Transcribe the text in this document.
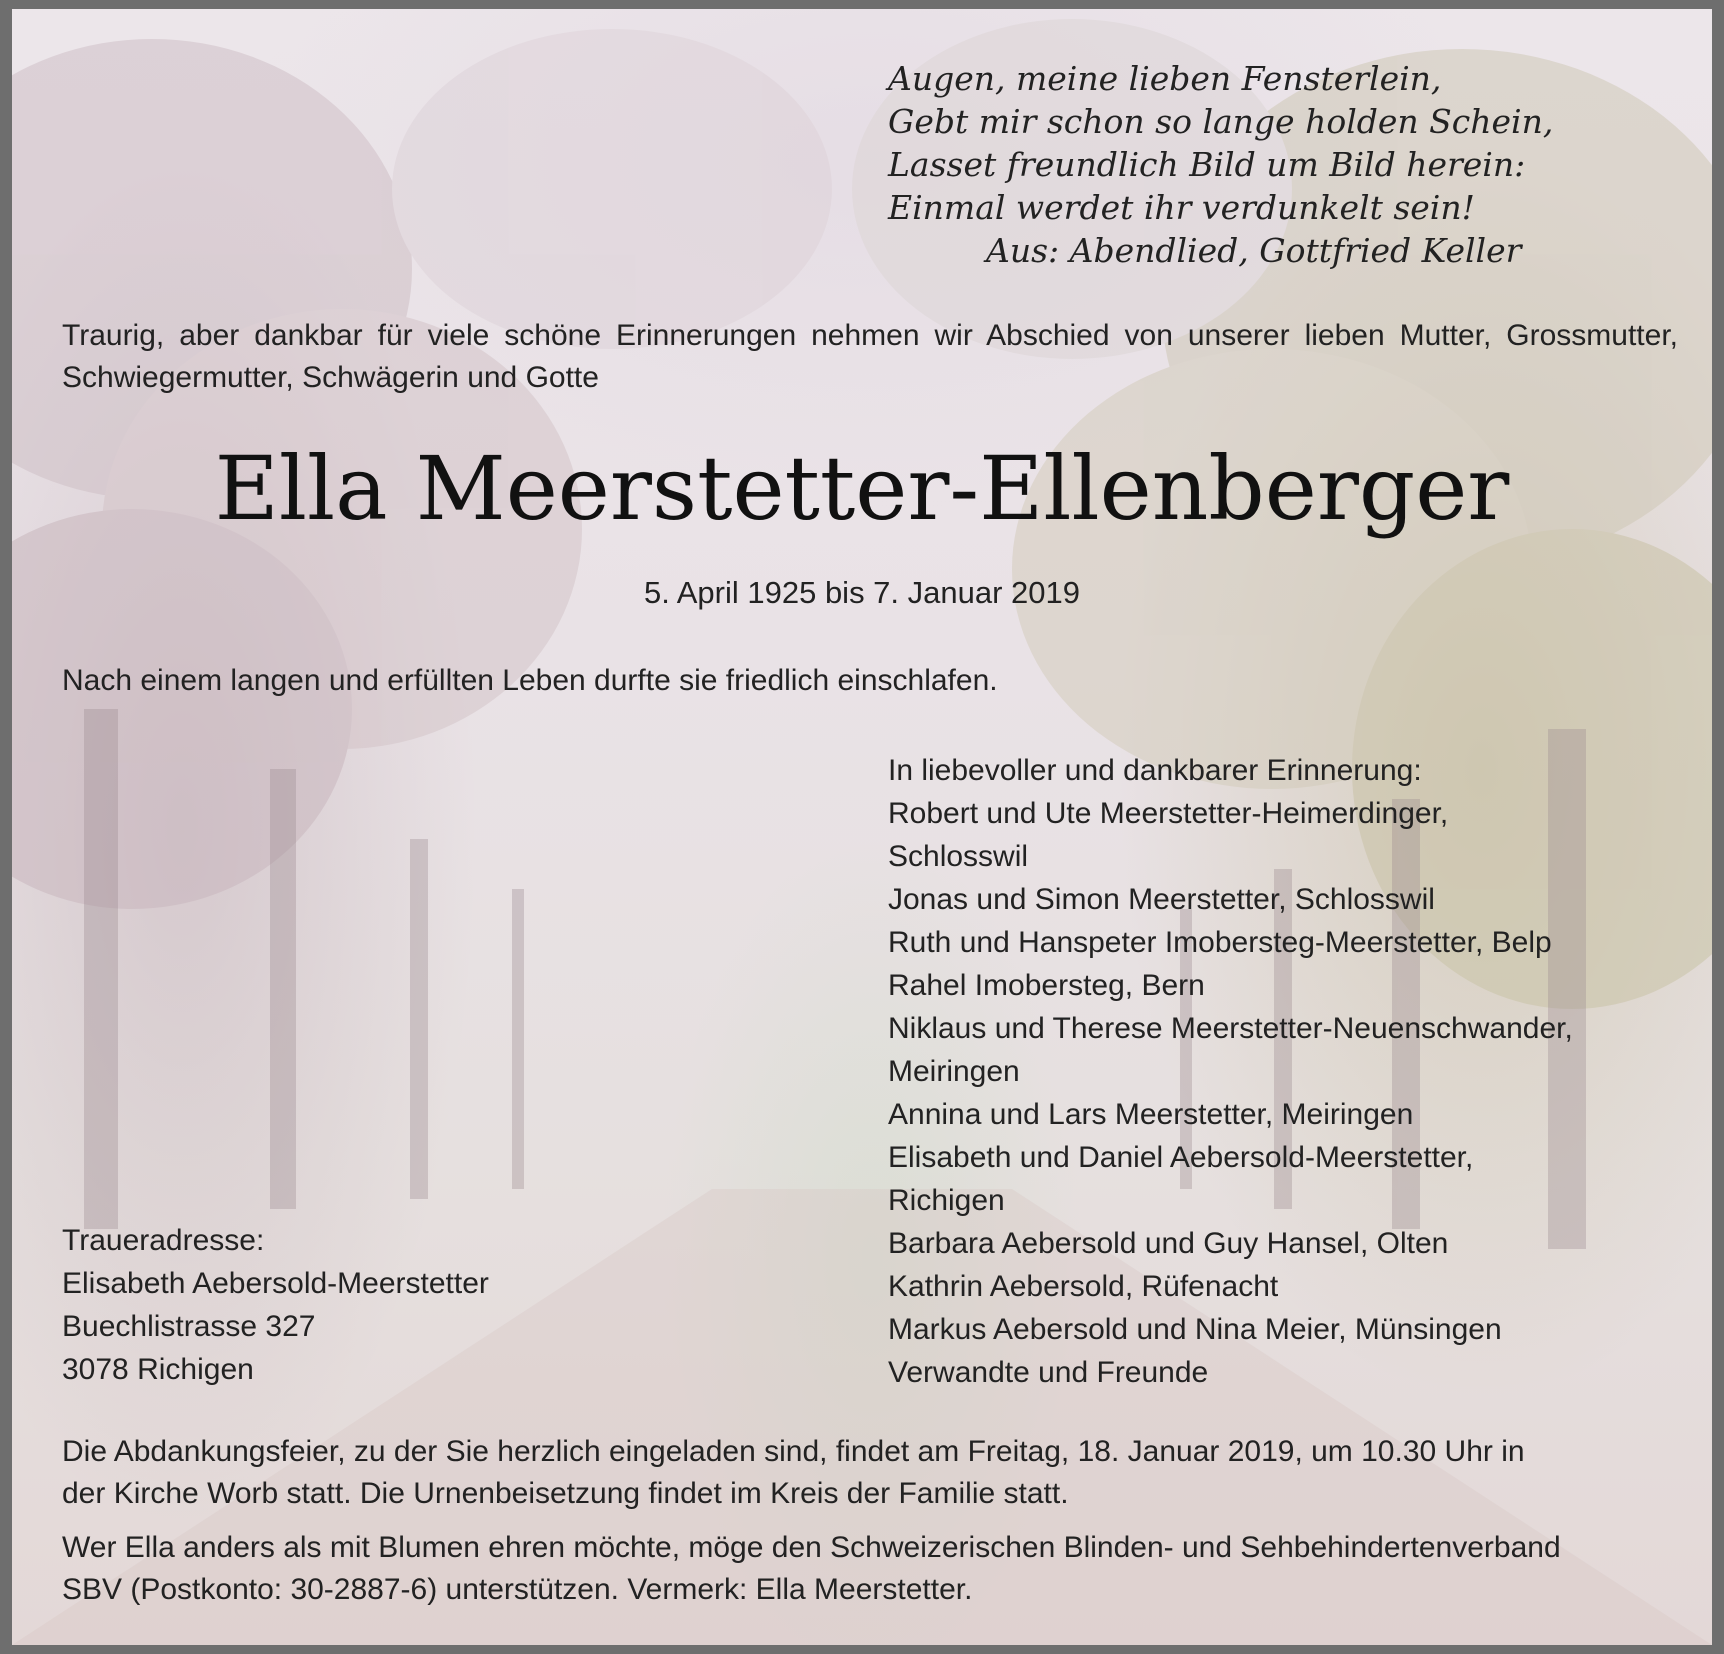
Augen, meine lieben Fensterlein,
Gebt mir schon so lange holden Schein,
Lasset freundlich Bild um Bild herein:
Einmal werdet ihr verdunkelt sein!
Aus: Abendlied, Gottfried Keller
Traurig, aber dankbar für viele schöne Erinnerungen nehmen wir Abschied von unserer lieben Mutter, Grossmutter, Schwiegermutter, Schwägerin und Gotte
Ella Meerstetter-Ellenberger
5. April 1925 bis 7. Januar 2019
Nach einem langen und erfüllten Leben durfte sie friedlich einschlafen.
In liebevoller und dankbarer Erinnerung:
Robert und Ute Meerstetter-Heimerdinger,
Schlosswil
Jonas und Simon Meerstetter, Schlosswil
Ruth und Hanspeter Imobersteg-Meerstetter, Belp
Rahel Imobersteg, Bern
Niklaus und Therese Meerstetter-Neuenschwander,
Meiringen
Annina und Lars Meerstetter, Meiringen
Elisabeth und Daniel Aebersold-Meerstetter,
Richigen
Barbara Aebersold und Guy Hansel, Olten
Kathrin Aebersold, Rüfenacht
Markus Aebersold und Nina Meier, Münsingen
Verwandte und Freunde
Traueradresse:
Elisabeth Aebersold-Meerstetter
Buechlistrasse 327
3078 Richigen
Die Abdankungsfeier, zu der Sie herzlich eingeladen sind, findet am Freitag, 18. Januar 2019, um 10.30 Uhr in
der Kirche Worb statt. Die Urnenbeisetzung findet im Kreis der Familie statt.
Wer Ella anders als mit Blumen ehren möchte, möge den Schweizerischen Blinden- und Sehbehindertenverband
SBV (Postkonto: 30-2887-6) unterstützen. Vermerk: Ella Meerstetter.
